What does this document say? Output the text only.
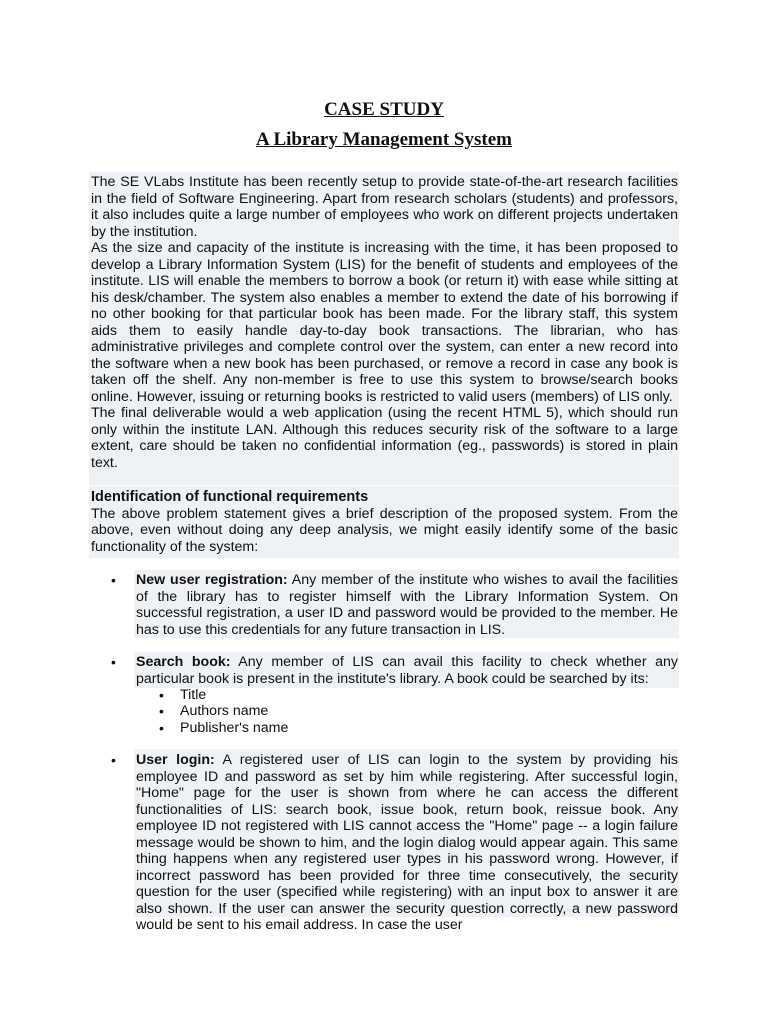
CASE STUDY
A Library Management System

The SE VLabs Institute has been recently setup to provide state-of-the-art research facilities in the field of Software Engineering. Apart from research scholars (students) and professors, it also includes quite a large number of employees who work on different projects undertaken by the institution.

As the size and capacity of the institute is increasing with the time, it has been proposed to develop a Library Information System (LIS) for the benefit of students and employees of the institute. LIS will enable the members to borrow a book (or return it) with ease while sitting at his desk/chamber. The system also enables a member to extend the date of his borrowing if no other booking for that particular book has been made. For the library staff, this system aids them to easily handle day-to-day book transactions. The librarian, who has administrative privileges and complete control over the system, can enter a new record into the software when a new book has been purchased, or remove a record in case any book is taken off the shelf. Any non-member is free to use this system to browse/search books online. However, issuing or returning books is restricted to valid users (members) of LIS only.

The final deliverable would a web application (using the recent HTML 5), which should run only within the institute LAN. Although this reduces security risk of the software to a large extent, care should be taken no confidential information (eg., passwords) is stored in plain text.

Identification of functional requirements

The above problem statement gives a brief description of the proposed system. From the above, even without doing any deep analysis, we might easily identify some of the basic functionality of the system:

• New user registration: Any member of the institute who wishes to avail the facilities of the library has to register himself with the Library Information System. On successful registration, a user ID and password would be provided to the member. He has to use this credentials for any future transaction in LIS.
• Search book: Any member of LIS can avail this facility to check whether any particular book is present in the institute's library. A book could be searched by its:
• Title
• Authors name
• Publisher's name
• User login: A registered user of LIS can login to the system by providing his employee ID and password as set by him while registering. After successful login, "Home" page for the user is shown from where he can access the different functionalities of LIS: search book, issue book, return book, reissue book. Any employee ID not registered with LIS cannot access the "Home" page -- a login failure message would be shown to him, and the login dialog would appear again. This same thing happens when any registered user types in his password wrong. However, if incorrect password has been provided for three time consecutively, the security question for the user (specified while registering) with an input box to answer it are also shown. If the user can answer the security question correctly, a new password would be sent to his email address. In case the user
